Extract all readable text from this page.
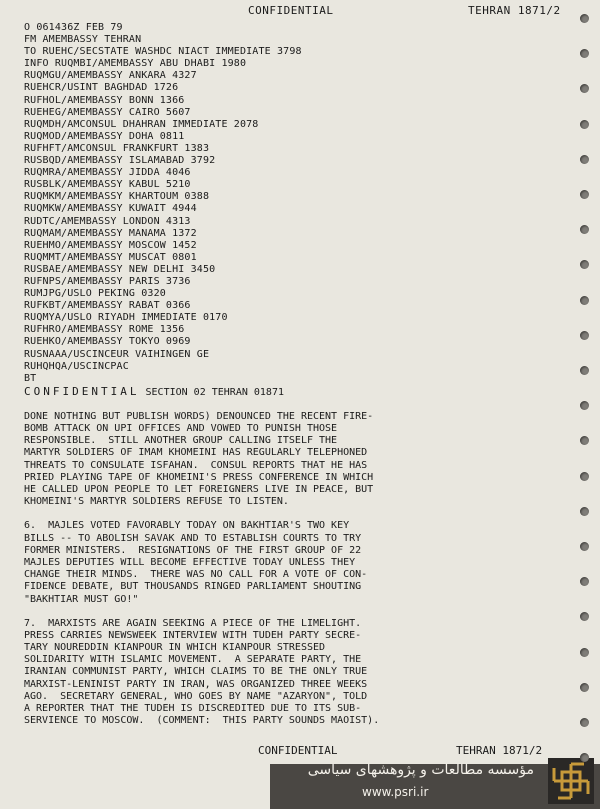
CONFIDENTIAL	TEHRAN 1871/2
O 061436Z FEB 79
FM AMEMBASSY TEHRAN
TO RUEHC/SECSTATE WASHDC NIACT IMMEDIATE 3798
INFO RUQMBI/AMEMBASSY ABU DHABI 1980
RUQMGU/AMEMBASSY ANKARA 4327
RUEHCR/USINT BAGHDAD 1726
RUFHOL/AMEMBASSY BONN 1366
RUEHEG/AMEMBASSY CAIRO 5607
RUQMDH/AMCONSUL DHAHRAN IMMEDIATE 2078
RUQMOD/AMEMBASSY DOHA 0811
RUFHFT/AMCONSUL FRANKFURT 1383
RUSBQD/AMEMBASSY ISLAMABAD 3792
RUQMRA/AMEMBASSY JIDDA 4046
RUSBLK/AMEMBASSY KABUL 5210
RUQMKM/AMEMBASSY KHARTOUM 0388
RUQMKW/AMEMBASSY KUWAIT 4944
RUDTC/AMEMBASSY LONDON 4313
RUQMAM/AMEMBASSY MANAMA 1372
RUEHMO/AMEMBASSY MOSCOW 1452
RUQMMT/AMEMBASSY MUSCAT 0801
RUSBAE/AMEMBASSY NEW DELHI 3450
RUFNPS/AMEMBASSY PARIS 3736
RUMJPG/USLO PEKING 0320
RUFKBT/AMEMBASSY RABAT 0366
RUQMYA/USLO RIYADH IMMEDIATE 0170
RUFHRO/AMEMBASSY ROME 1356
RUEHKO/AMEMBASSY TOKYO 0969
RUSNAAA/USCINCEUR VAIHINGEN GE
RUHQHQA/USCINCPAC
BT
CONFIDENTIAL SECTION 02 TEHRAN 01871
DONE NOTHING BUT PUBLISH WORDS) DENOUNCED THE RECENT FIRE-
BOMB ATTACK ON UPI OFFICES AND VOWED TO PUNISH THOSE
RESPONSIBLE.  STILL ANOTHER GROUP CALLING ITSELF THE
MARTYR SOLDIERS OF IMAM KHOMEINI HAS REGULARLY TELEPHONED
THREATS TO CONSULATE ISFAHAN.  CONSUL REPORTS THAT HE HAS
PRIED PLAYING TAPE OF KHOMEINI'S PRESS CONFERENCE IN WHICH
HE CALLED UPON PEOPLE TO LET FOREIGNERS LIVE IN PEACE, BUT
KHOMEINI'S MARTYR SOLDIERS REFUSE TO LISTEN.
6.  MAJLES VOTED FAVORABLY TODAY ON BAKHTIAR'S TWO KEY
BILLS -- TO ABOLISH SAVAK AND TO ESTABLISH COURTS TO TRY
FORMER MINISTERS.  RESIGNATIONS OF THE FIRST GROUP OF 22
MAJLES DEPUTIES WILL BECOME EFFECTIVE TODAY UNLESS THEY
CHANGE THEIR MINDS.  THERE WAS NO CALL FOR A VOTE OF CON-
FIDENCE DEBATE, BUT THOUSANDS RINGED PARLIAMENT SHOUTING
"BAKHTIAR MUST GO!"
7.  MARXISTS ARE AGAIN SEEKING A PIECE OF THE LIMELIGHT.
PRESS CARRIES NEWSWEEK INTERVIEW WITH TUDEH PARTY SECRE-
TARY NOUREDDIN KIANPOUR IN WHICH KIANPOUR STRESSED
SOLIDARITY WITH ISLAMIC MOVEMENT.  A SEPARATE PARTY, THE
IRANIAN COMMUNIST PARTY, WHICH CLAIMS TO BE THE ONLY TRUE
MARXIST-LENINIST PARTY IN IRAN, WAS ORGANIZED THREE WEEKS
AGO.  SECRETARY GENERAL, WHO GOES BY NAME "AZARYON", TOLD
A REPORTER THAT THE TUDEH IS DISCREDITED DUE TO ITS SUB-
SERVIENCE TO MOSCOW.  (COMMENT:  THIS PARTY SOUNDS MAOIST).
CONFIDENTIAL	TEHRAN 1871/2
مؤسسه مطالعات و پژوهشهای سیاسی
www.psri.ir
